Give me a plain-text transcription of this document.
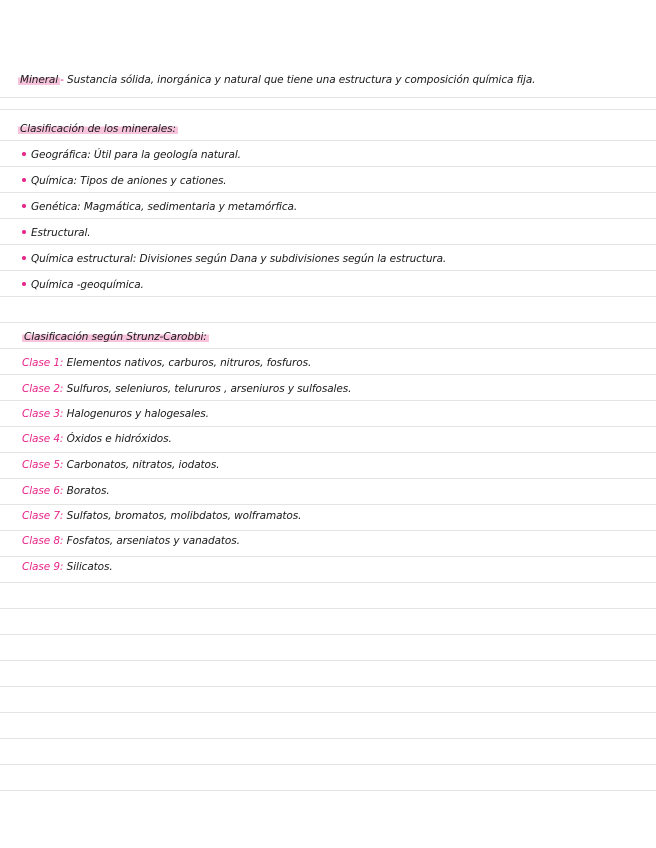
Mineral - Sustancia sólida, inorgánica y natural que tiene una estructura y composición química fija.
Clasificación de los minerales:
Geográfica: Útil para la geología natural.
Química: Tipos de aniones y cationes.
Genética: Magmática, sedimentaria y metamórfica.
Estructural.
Química estructural: Divisiones según Dana y subdivisiones según la estructura.
Química -geoquímica.
Clasificación según Strunz-Carobbi:
Clase 1: Elementos nativos, carburos, nitruros, fosfuros.
Clase 2: Sulfuros, seleniuros, telururos , arseniuros y sulfosales.
Clase 3: Halogenuros y halogesales.
Clase 4: Óxidos e hidróxidos.
Clase 5: Carbonatos, nitratos, iodatos.
Clase 6: Boratos.
Clase 7: Sulfatos, bromatos, molibdatos, wolframatos.
Clase 8: Fosfatos, arseniatos y vanadatos.
Clase 9: Silicatos.
